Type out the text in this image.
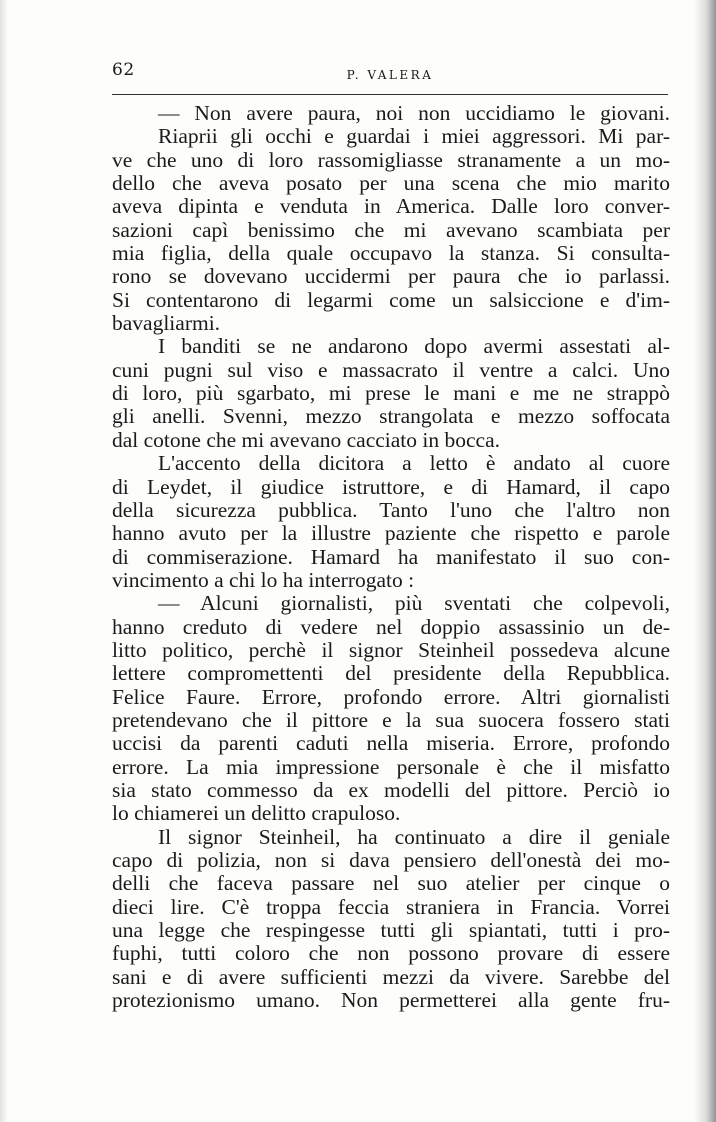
62	P. VALERA
— Non avere paura, noi non uccidiamo le giovani.
Riaprii gli occhi e guardai i miei aggressori. Mi par-
ve che uno di loro rassomigliasse stranamente a un mo-
dello che aveva posato per una scena che mio marito
aveva dipinta e venduta in America. Dalle loro conver-
sazioni capì benissimo che mi avevano scambiata per
mia figlia, della quale occupavo la stanza. Si consulta-
rono se dovevano uccidermi per paura che io parlassi.
Si contentarono di legarmi come un salsiccione e d'im-
bavagliarmi.
I banditi se ne andarono dopo avermi assestati al-
cuni pugni sul viso e massacrato il ventre a calci. Uno
di loro, più sgarbato, mi prese le mani e me ne strappò
gli anelli. Svenni, mezzo strangolata e mezzo soffocata
dal cotone che mi avevano cacciato in bocca.
L'accento della dicitora a letto è andato al cuore
di Leydet, il giudice istruttore, e di Hamard, il capo
della sicurezza pubblica. Tanto l'uno che l'altro non
hanno avuto per la illustre paziente che rispetto e parole
di commiserazione. Hamard ha manifestato il suo con-
vincimento a chi lo ha interrogato :
— Alcuni giornalisti, più sventati che colpevoli,
hanno creduto di vedere nel doppio assassinio un de-
litto politico, perchè il signor Steinheil possedeva alcune
lettere compromettenti del presidente della Repubblica.
Felice Faure. Errore, profondo errore. Altri giornalisti
pretendevano che il pittore e la sua suocera fossero stati
uccisi da parenti caduti nella miseria. Errore, profondo
errore. La mia impressione personale è che il misfatto
sia stato commesso da ex modelli del pittore. Perciò io
lo chiamerei un delitto crapuloso.
Il signor Steinheil, ha continuato a dire il geniale
capo di polizia, non si dava pensiero dell'onestà dei mo-
delli che faceva passare nel suo atelier per cinque o
dieci lire. C'è troppa feccia straniera in Francia. Vorrei
una legge che respingesse tutti gli spiantati, tutti i pro-
fuphi, tutti coloro che non possono provare di essere
sani e di avere sufficienti mezzi da vivere. Sarebbe del
protezionismo umano. Non permetterei alla gente fru-
